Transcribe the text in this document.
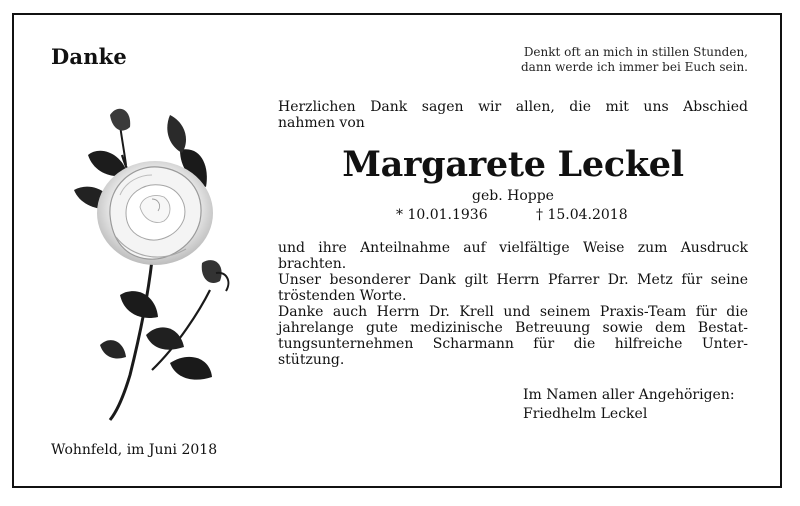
Danke	Denkt oft an mich in stillen Stunden,
dann werde ich immer bei Euch sein.
Herzlichen Dank sagen wir allen, die mit uns Abschied
nahmen von
Margarete Leckel
geb. Hoppe
* 10.01.1936	† 15.04.2018
und ihre Anteilnahme auf vielfältige Weise zum Ausdruck
brachten.
Unser besonderer Dank gilt Herrn Pfarrer Dr. Metz für seine
tröstenden Worte.
Danke auch Herrn Dr. Krell und seinem Praxis-Team für die
jahrelange gute medizinische Betreuung sowie dem Bestat-
tungsunternehmen Scharmann für die hilfreiche Unter-
stützung.
Im Namen aller Angehörigen:
Friedhelm Leckel
Wohnfeld, im Juni 2018
